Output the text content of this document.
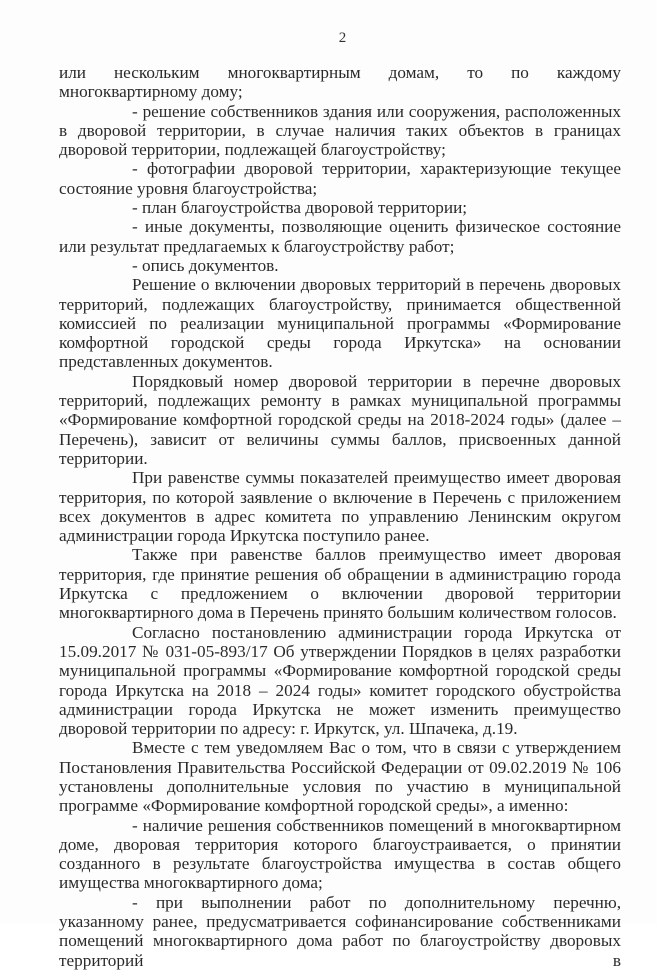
2

или нескольким многоквартирным домам, то по каждому многоквартирному дому;

- решение собственников здания или сооружения, расположенных в дворовой территории, в случае наличия таких объектов в границах дворовой территории, подлежащей благоустройству;

- фотографии дворовой территории, характеризующие текущее состояние уровня благоустройства;

- план благоустройства дворовой территории;

- иные документы, позволяющие оценить физическое состояние или результат предлагаемых к благоустройству работ;

- опись документов.

Решение о включении дворовых территорий в перечень дворовых территорий, подлежащих благоустройству, принимается общественной комиссией по реализации муниципальной программы «Формирование комфортной городской среды города Иркутска» на основании представленных документов.

Порядковый номер дворовой территории в перечне дворовых территорий, подлежащих ремонту в рамках муниципальной программы «Формирование комфортной городской среды на 2018-2024 годы» (далее – Перечень), зависит от величины суммы баллов, присвоенных данной территории.

При равенстве суммы показателей преимущество имеет дворовая территория, по которой заявление о включение в Перечень с приложением всех документов в адрес комитета по управлению Ленинским округом администрации города Иркутска поступило ранее.

Также при равенстве баллов преимущество имеет дворовая территория, где принятие решения об обращении в администрацию города Иркутска с предложением о включении дворовой территории многоквартирного дома в Перечень принято большим количеством голосов.

Согласно постановлению администрации города Иркутска от 15.09.2017 № 031-05-893/17 Об утверждении Порядков в целях разработки муниципальной программы «Формирование комфортной городской среды города Иркутска на 2018 – 2024 годы» комитет городского обустройства администрации города Иркутска не может изменить преимущество дворовой территории по адресу: г. Иркутск, ул. Шпачека, д.19.

Вместе с тем уведомляем Вас о том, что в связи с утверждением Постановления Правительства Российской Федерации от 09.02.2019 № 106 установлены дополнительные условия по участию в муниципальной программе «Формирование комфортной городской среды», а именно:

- наличие решения собственников помещений в многоквартирном доме, дворовая территория которого благоустраивается, о принятии созданного в результате благоустройства имущества в состав общего имущества многоквартирного дома;

- при выполнении работ по дополнительному перечню, указанному ранее, предусматривается софинансирование собственниками помещений многоквартирного дома работ по благоустройству дворовых территорий в
